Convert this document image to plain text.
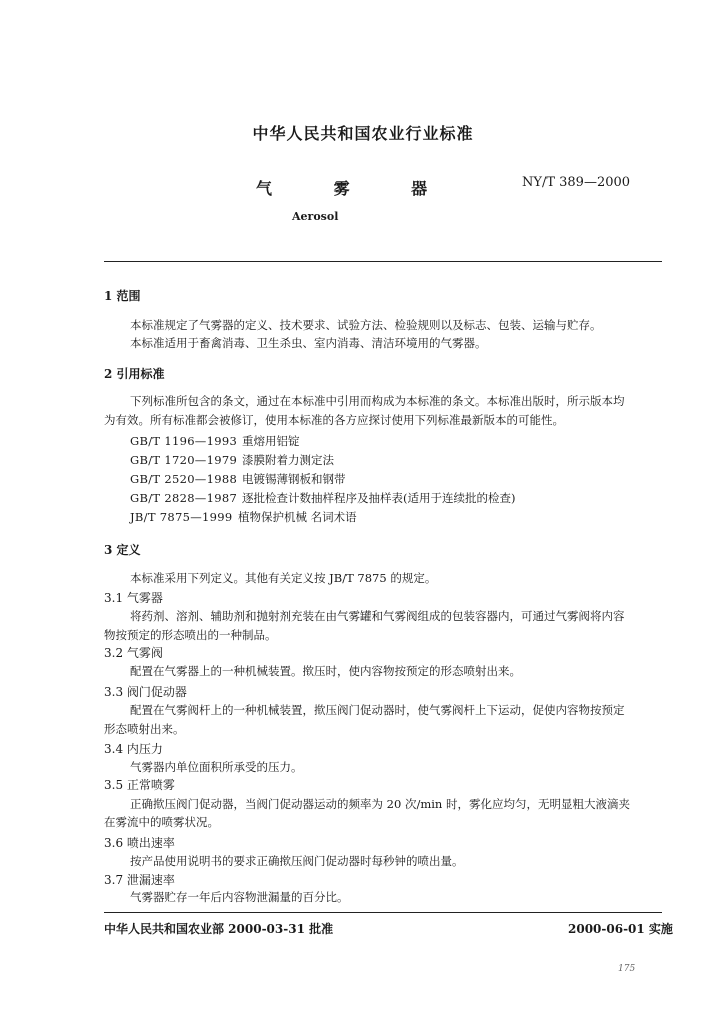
中华人民共和国农业行业标准
气 雾 器	NY/T 389—2000
Aerosol
1 范围
本标准规定了气雾器的定义、技术要求、试验方法、检验规则以及标志、包装、运输与贮存。
本标准适用于畜禽消毒、卫生杀虫、室内消毒、清洁环境用的气雾器。
2 引用标准
下列标准所包含的条文，通过在本标准中引用而构成为本标准的条文。本标准出版时，所示版本均
为有效。所有标准都会被修订，使用本标准的各方应探讨使用下列标准最新版本的可能性。
GB/T 1196—1993 重熔用铝锭
GB/T 1720—1979 漆膜附着力测定法
GB/T 2520—1988 电镀锡薄钢板和钢带
GB/T 2828—1987 逐批检查计数抽样程序及抽样表(适用于连续批的检查)
JB/T 7875—1999 植物保护机械 名词术语
3 定义
本标准采用下列定义。其他有关定义按 JB/T 7875 的规定。
3.1 气雾器
将药剂、溶剂、辅助剂和抛射剂充装在由气雾罐和气雾阀组成的包装容器内，可通过气雾阀将内容
物按预定的形态喷出的一种制品。
3.2 气雾阀
配置在气雾器上的一种机械装置。揿压时，使内容物按预定的形态喷射出来。
3.3 阀门促动器
配置在气雾阀杆上的一种机械装置，揿压阀门促动器时，使气雾阀杆上下运动，促使内容物按预定
形态喷射出来。
3.4 内压力
气雾器内单位面积所承受的压力。
3.5 正常喷雾
正确揿压阀门促动器，当阀门促动器运动的频率为 20 次/min 时，雾化应均匀，无明显粗大液滴夹
在雾流中的喷雾状况。
3.6 喷出速率
按产品使用说明书的要求正确揿压阀门促动器时每秒钟的喷出量。
3.7 泄漏速率
气雾器贮存一年后内容物泄漏量的百分比。
中华人民共和国农业部 2000-03-31 批准	2000-06-01 实施
175
